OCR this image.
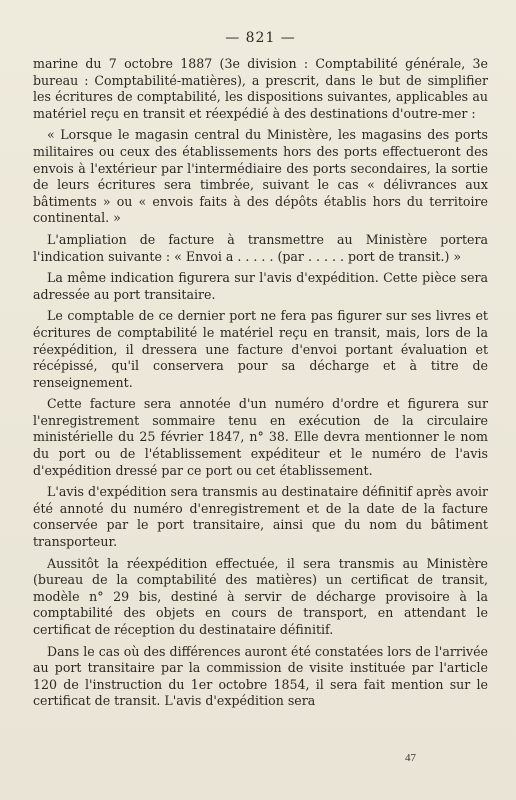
— 821 —

marine du 7 octobre 1887 (3e division : Comptabilité générale, 3e bureau : Comptabilité-matières), a prescrit, dans le but de simplifier les écritures de comptabilité, les dispositions suivantes, applicables au matériel reçu en transit et réexpédié à des destinations d'outre-mer :

« Lorsque le magasin central du Ministère, les magasins des ports militaires ou ceux des établissements hors des ports effectueront des envois à l'extérieur par l'intermédiaire des ports secondaires, la sortie de leurs écritures sera timbrée, suivant le cas « délivrances aux bâtiments » ou « envois faits à des dépôts établis hors du territoire continental. »

L'ampliation de facture à transmettre au Ministère portera l'indication suivante : « Envoi a . . . . . (par . . . . . port de transit.) »

La même indication figurera sur l'avis d'expédition. Cette pièce sera adressée au port transitaire.

Le comptable de ce dernier port ne fera pas figurer sur ses livres et écritures de comptabilité le matériel reçu en transit, mais, lors de la réexpédition, il dressera une facture d'envoi portant évaluation et récépissé, qu'il conservera pour sa décharge et à titre de renseignement.

Cette facture sera annotée d'un numéro d'ordre et figurera sur l'enregistrement sommaire tenu en exécution de la circulaire ministérielle du 25 février 1847, n° 38. Elle devra mentionner le nom du port ou de l'établissement expéditeur et le numéro de l'avis d'expédition dressé par ce port ou cet établissement.

L'avis d'expédition sera transmis au destinataire définitif après avoir été annoté du numéro d'enregistrement et de la date de la facture conservée par le port transitaire, ainsi que du nom du bâtiment transporteur.

Aussitôt la réexpédition effectuée, il sera transmis au Ministère (bureau de la comptabilité des matières) un certificat de transit, modèle n° 29 bis, destiné à servir de décharge provisoire à la comptabilité des objets en cours de transport, en attendant le certificat de réception du destinataire définitif.

Dans le cas où des différences auront été constatées lors de l'arrivée au port transitaire par la commission de visite instituée par l'article 120 de l'instruction du 1er octobre 1854, il sera fait mention sur le certificat de transit. L'avis d'expédition sera

47
